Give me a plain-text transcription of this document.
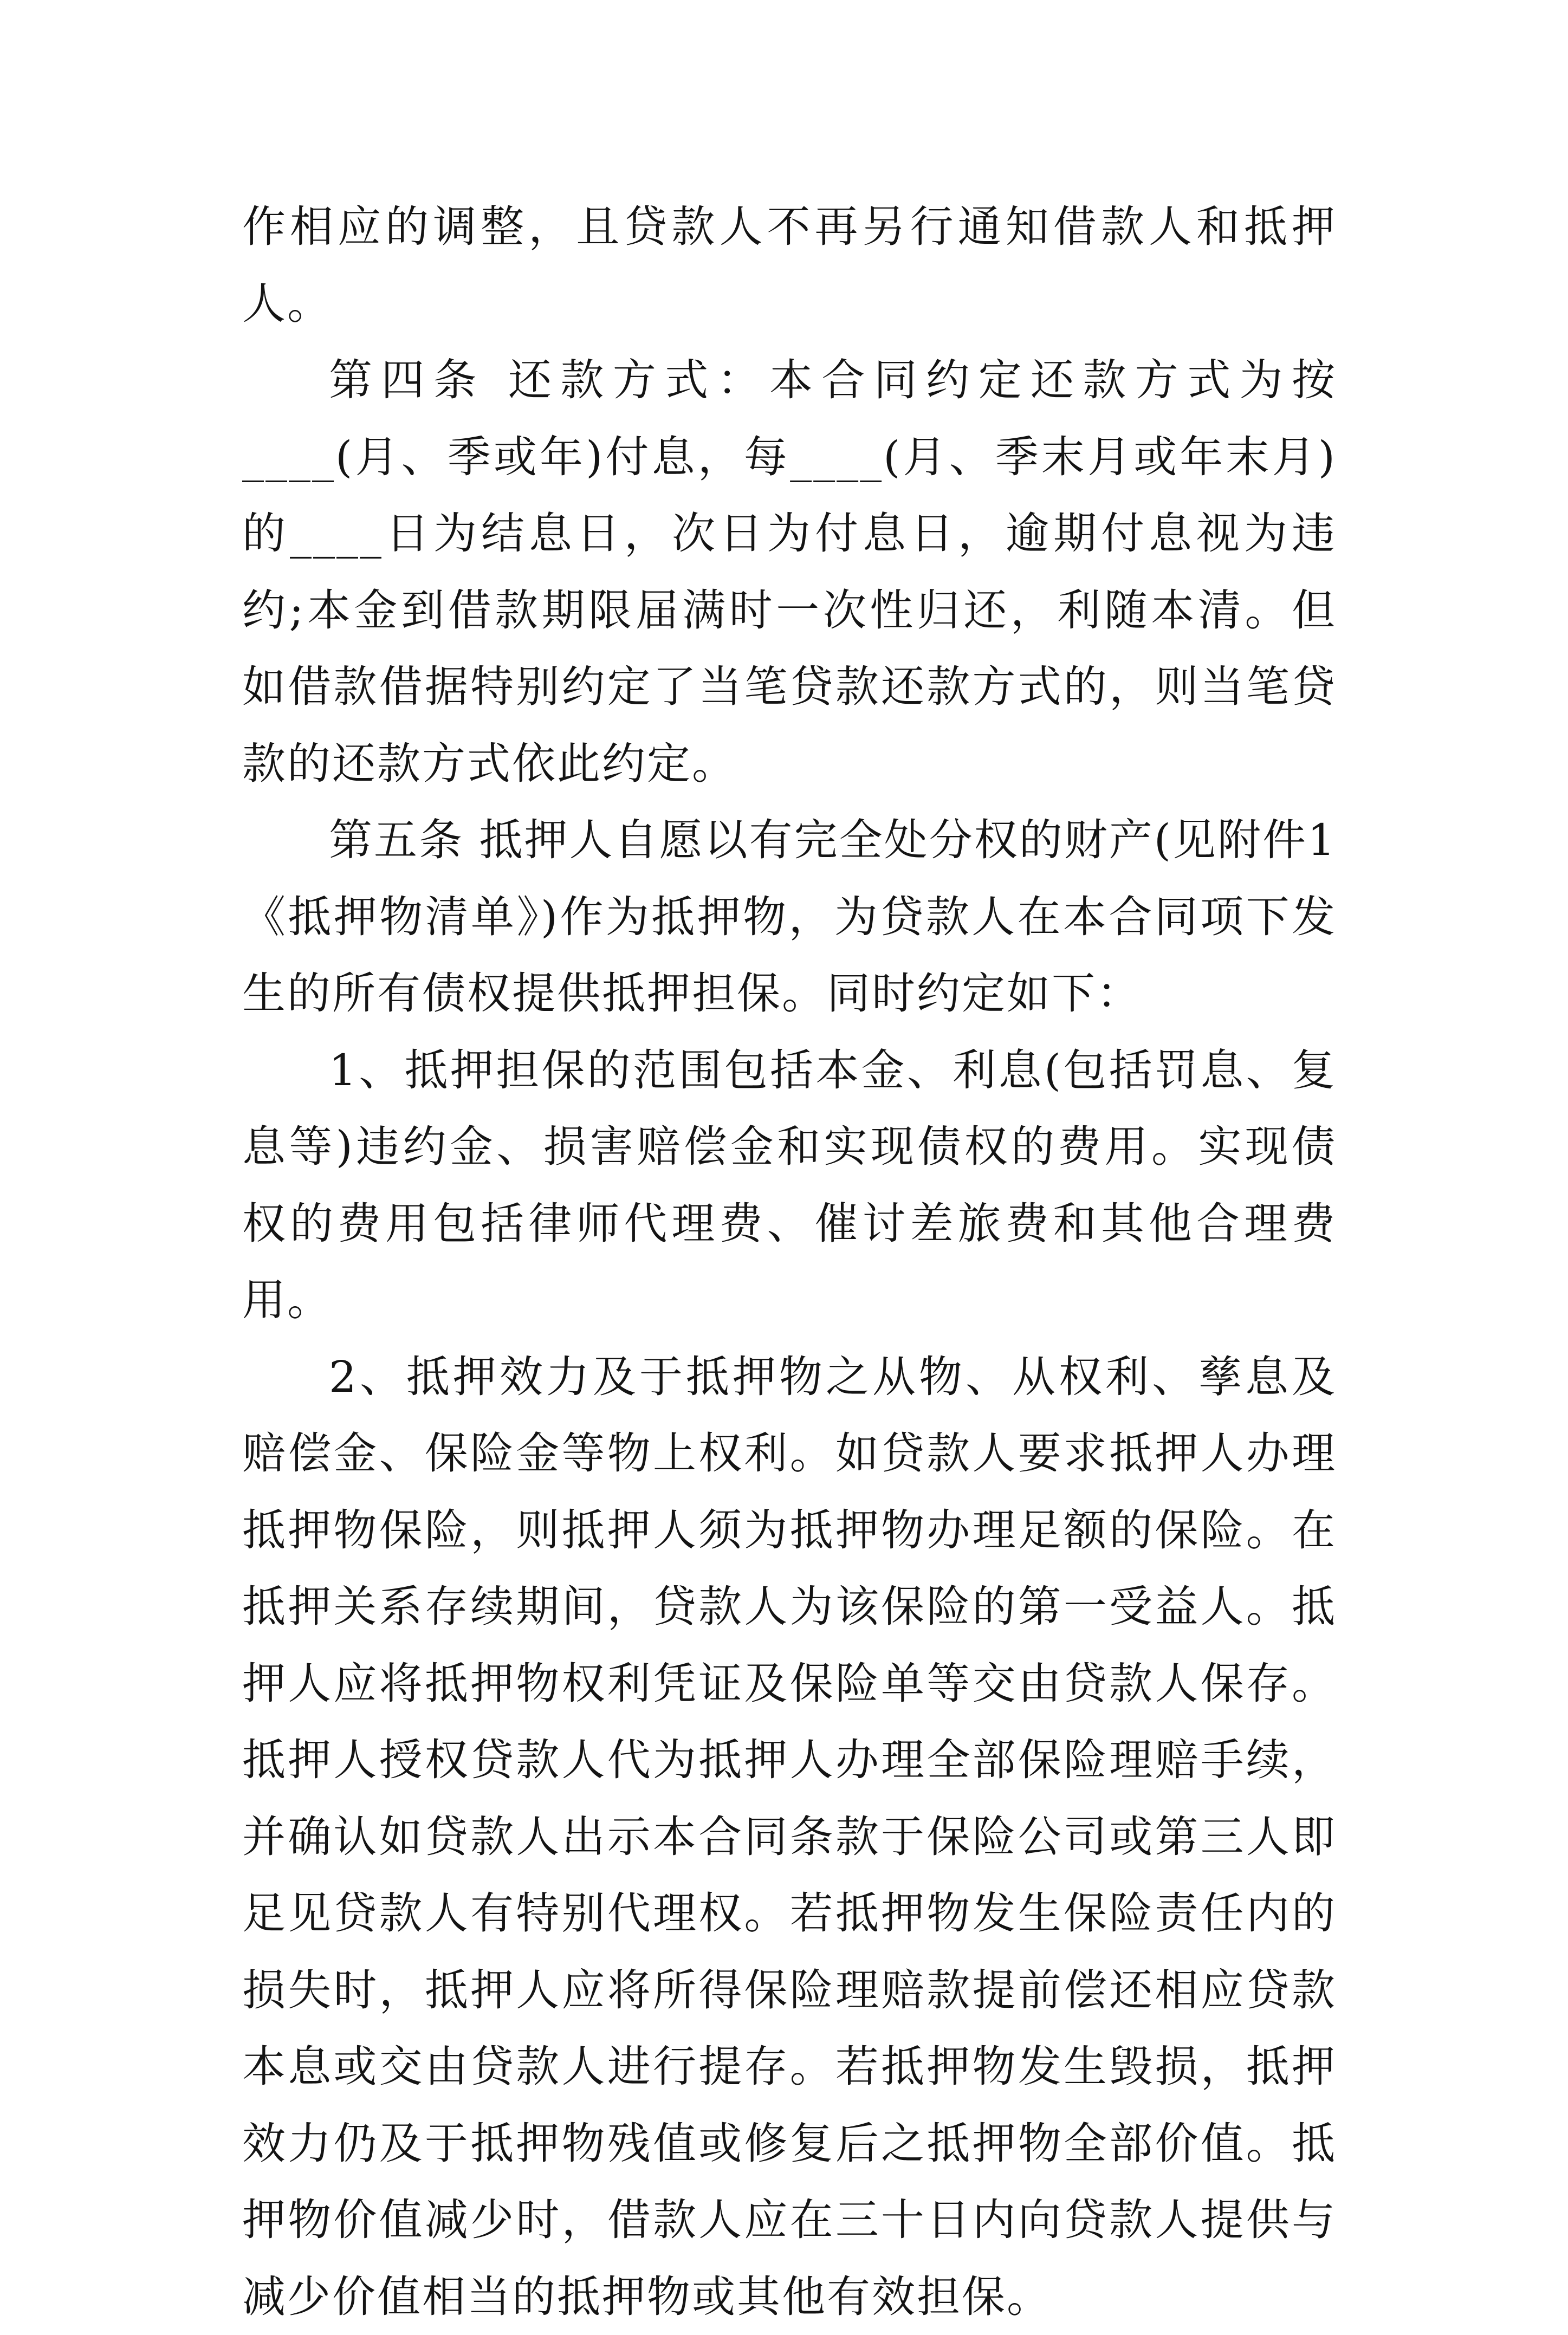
作相应的调整，且贷款人不再另行通知借款人和抵押人。

第四条 还款方式：本合同约定还款方式为按____(月、季或年)付息，每____(月、季末月或年末月)的____日为结息日，次日为付息日，逾期付息视为违约;本金到借款期限届满时一次性归还，利随本清。但如借款借据特别约定了当笔贷款还款方式的，则当笔贷款的还款方式依此约定。

第五条 抵押人自愿以有完全处分权的财产(见附件1《抵押物清单》)作为抵押物，为贷款人在本合同项下发生的所有债权提供抵押担保。同时约定如下：

1、抵押担保的范围包括本金、利息(包括罚息、复息等)违约金、损害赔偿金和实现债权的费用。实现债权的费用包括律师代理费、催讨差旅费和其他合理费用。

2、抵押效力及于抵押物之从物、从权利、孳息及赔偿金、保险金等物上权利。如贷款人要求抵押人办理抵押物保险，则抵押人须为抵押物办理足额的保险。在抵押关系存续期间，贷款人为该保险的第一受益人。抵押人应将抵押物权利凭证及保险单等交由贷款人保存。抵押人授权贷款人代为抵押人办理全部保险理赔手续，并确认如贷款人出示本合同条款于保险公司或第三人即足见贷款人有特别代理权。若抵押物发生保险责任内的损失时，抵押人应将所得保险理赔款提前偿还相应贷款本息或交由贷款人进行提存。若抵押物发生毁损，抵押效力仍及于抵押物残值或修复后之抵押物全部价值。抵押物价值减少时，借款人应在三十日内向贷款人提供与减少价值相当的抵押物或其他有效担保。
